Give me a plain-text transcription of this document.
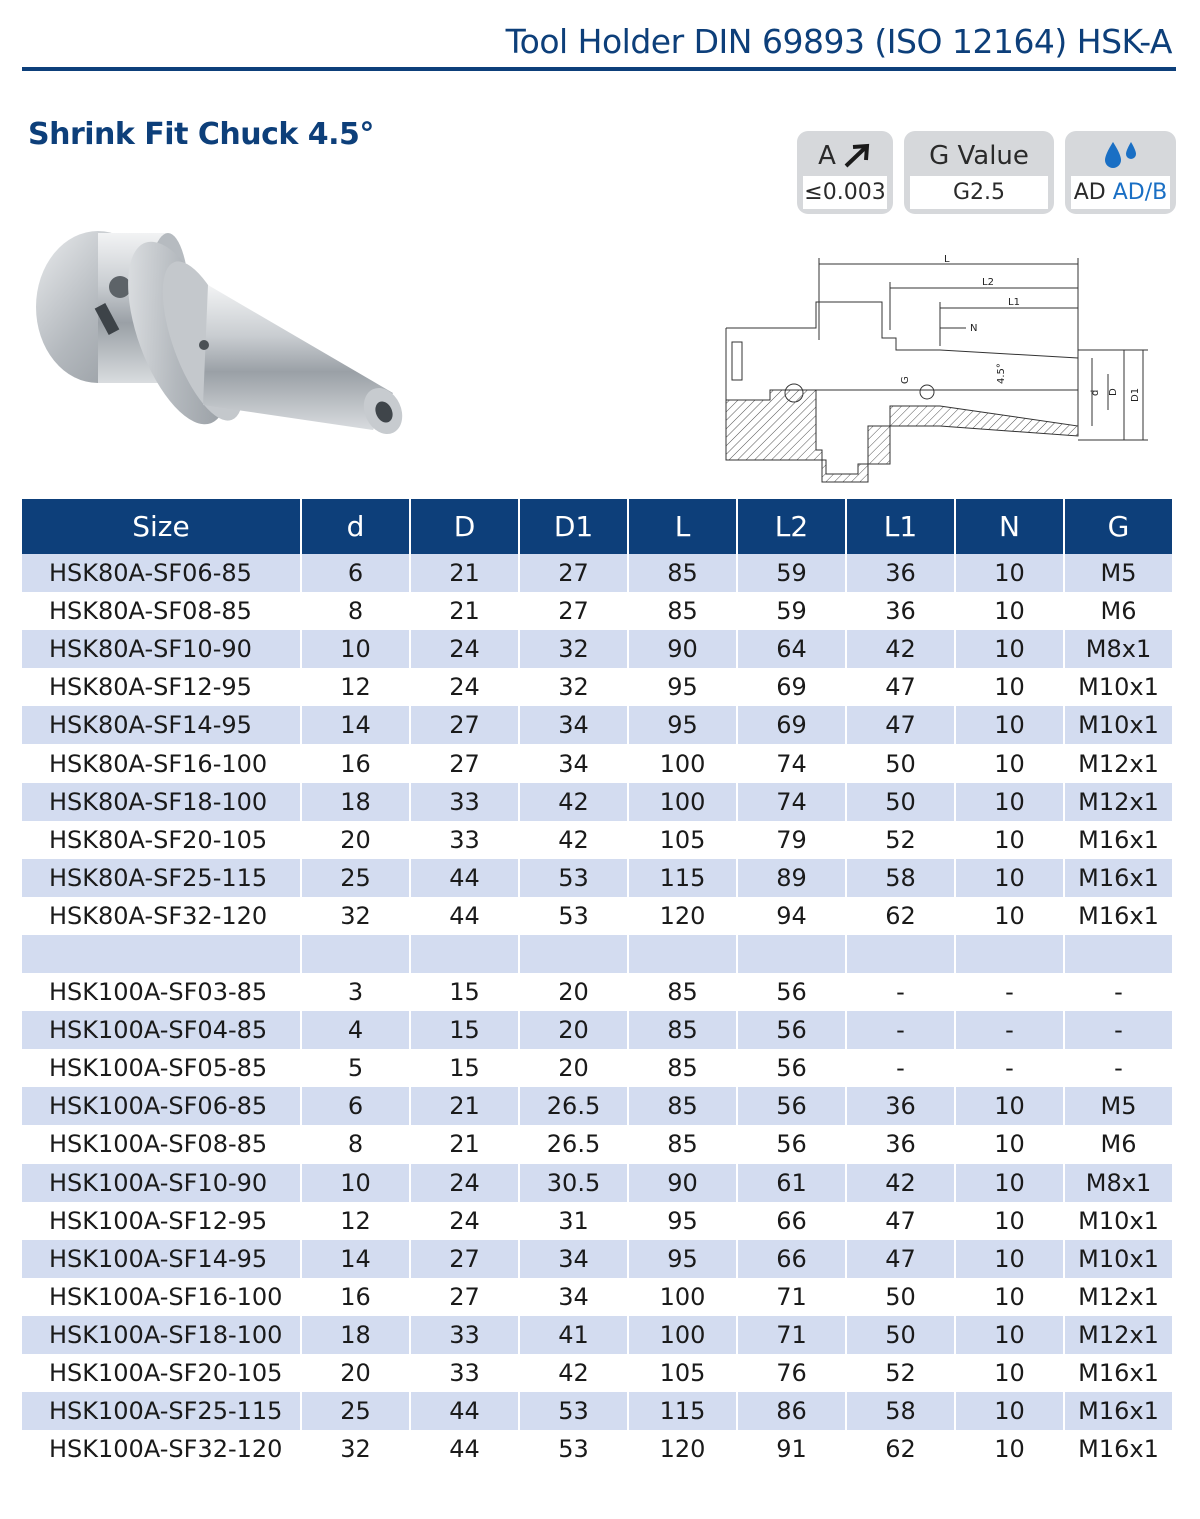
Tool Holder DIN 69893 (ISO 12164) HSK-A
Shrink Fit Chuck 4.5°
A
≤0.003
G Value
G2.5	AD
AD/B
L
L2
L1
N
G	4.5°
d D D1
Size	d	D	D1	L	L2	L1	N	G
HSK80A-SF06-85	6	21	27	85	59	36	10	M5
HSK80A-SF08-85	8	21	27	85	59	36	10	M6
HSK80A-SF10-90	10	24	32	90	64	42	10	M8x1
HSK80A-SF12-95	12	24	32	95	69	47	10	M10x1
HSK80A-SF14-95	14	27	34	95	69	47	10	M10x1
HSK80A-SF16-100	16	27	34	100	74	50	10	M12x1
HSK80A-SF18-100	18	33	42	100	74	50	10	M12x1
HSK80A-SF20-105	20	33	42	105	79	52	10	M16x1
HSK80A-SF25-115	25	44	53	115	89	58	10	M16x1
HSK80A-SF32-120	32	44	53	120	94	62	10	M16x1

HSK100A-SF03-85	3	15	20	85	56	-	-	-
HSK100A-SF04-85	4	15	20	85	56	-	-	-
HSK100A-SF05-85	5	15	20	85	56	-	-	-
HSK100A-SF06-85	6	21	26.5	85	56	36	10	M5
HSK100A-SF08-85	8	21	26.5	85	56	36	10	M6
HSK100A-SF10-90	10	24	30.5	90	61	42	10	M8x1
HSK100A-SF12-95	12	24	31	95	66	47	10	M10x1
HSK100A-SF14-95	14	27	34	95	66	47	10	M10x1
HSK100A-SF16-100	16	27	34	100	71	50	10	M12x1
HSK100A-SF18-100	18	33	41	100	71	50	10	M12x1
HSK100A-SF20-105	20	33	42	105	76	52	10	M16x1
HSK100A-SF25-115	25	44	53	115	86	58	10	M16x1
HSK100A-SF32-120	32	44	53	120	91	62	10	M16x1
